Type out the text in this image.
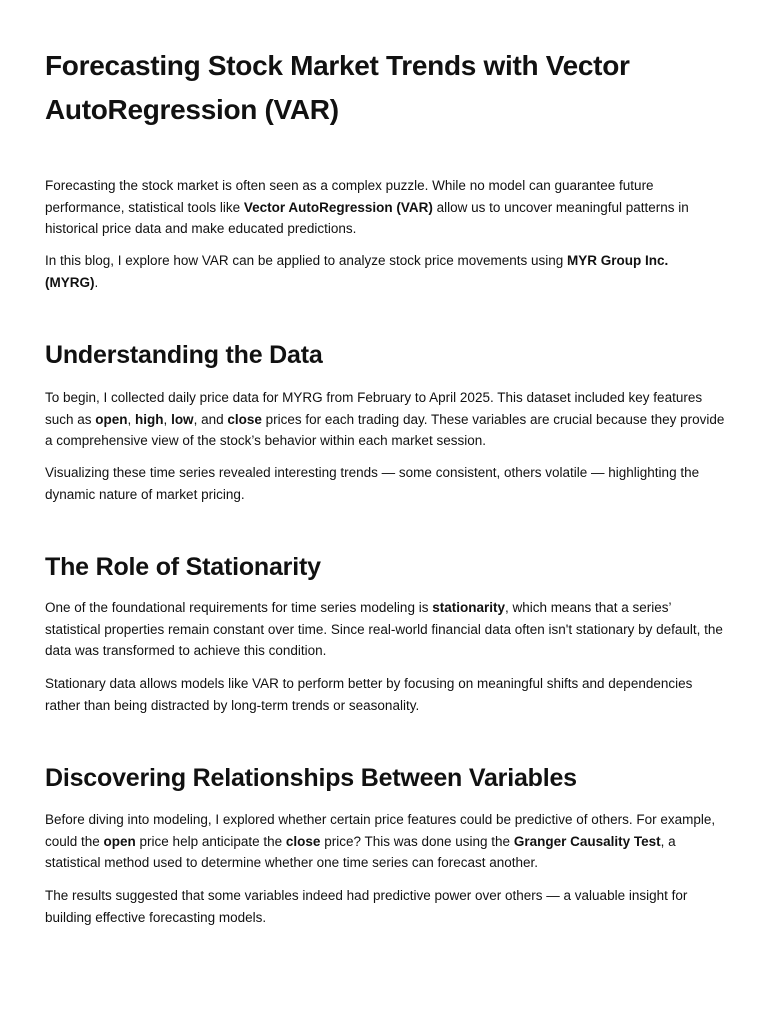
Forecasting Stock Market Trends with Vector AutoRegression (VAR)

Forecasting the stock market is often seen as a complex puzzle. While no model can guarantee future performance, statistical tools like Vector AutoRegression (VAR) allow us to uncover meaningful patterns in historical price data and make educated predictions.

In this blog, I explore how VAR can be applied to analyze stock price movements using MYR Group Inc. (MYRG).

Understanding the Data

To begin, I collected daily price data for MYRG from February to April 2025. This dataset included key features such as open, high, low, and close prices for each trading day. These variables are crucial because they provide a comprehensive view of the stock’s behavior within each market session.

Visualizing these time series revealed interesting trends — some consistent, others volatile — highlighting the dynamic nature of market pricing.

The Role of Stationarity

One of the foundational requirements for time series modeling is stationarity, which means that a series’ statistical properties remain constant over time. Since real-world financial data often isn't stationary by default, the data was transformed to achieve this condition.

Stationary data allows models like VAR to perform better by focusing on meaningful shifts and dependencies rather than being distracted by long-term trends or seasonality.

Discovering Relationships Between Variables

Before diving into modeling, I explored whether certain price features could be predictive of others. For example, could the open price help anticipate the close price? This was done using the Granger Causality Test, a statistical method used to determine whether one time series can forecast another.

The results suggested that some variables indeed had predictive power over others — a valuable insight for building effective forecasting models.
